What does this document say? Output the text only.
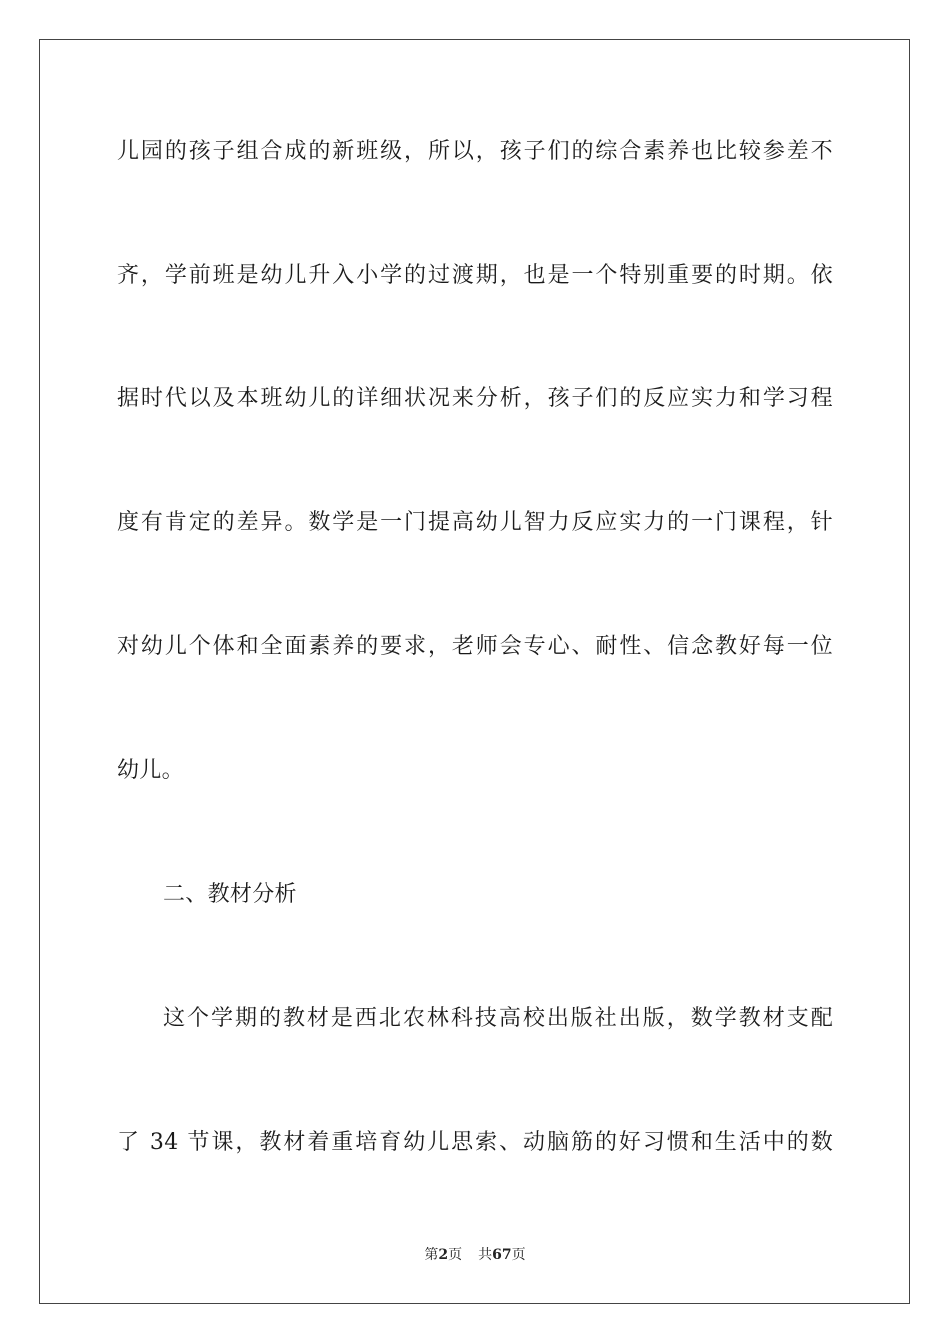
儿园的孩子组合成的新班级，所以，孩子们的综合素养也比较参差不
齐，学前班是幼儿升入小学的过渡期，也是一个特别重要的时期。依
据时代以及本班幼儿的详细状况来分析，孩子们的反应实力和学习程
度有肯定的差异。数学是一门提高幼儿智力反应实力的一门课程，针
对幼儿个体和全面素养的要求，老师会专心、耐性、信念教好每一位
幼儿。
二、教材分析
这个学期的教材是西北农林科技高校出版社出版，数学教材支配
了 34 节课，教材着重培育幼儿思索、动脑筋的好习惯和生活中的数
第2页 共67页
